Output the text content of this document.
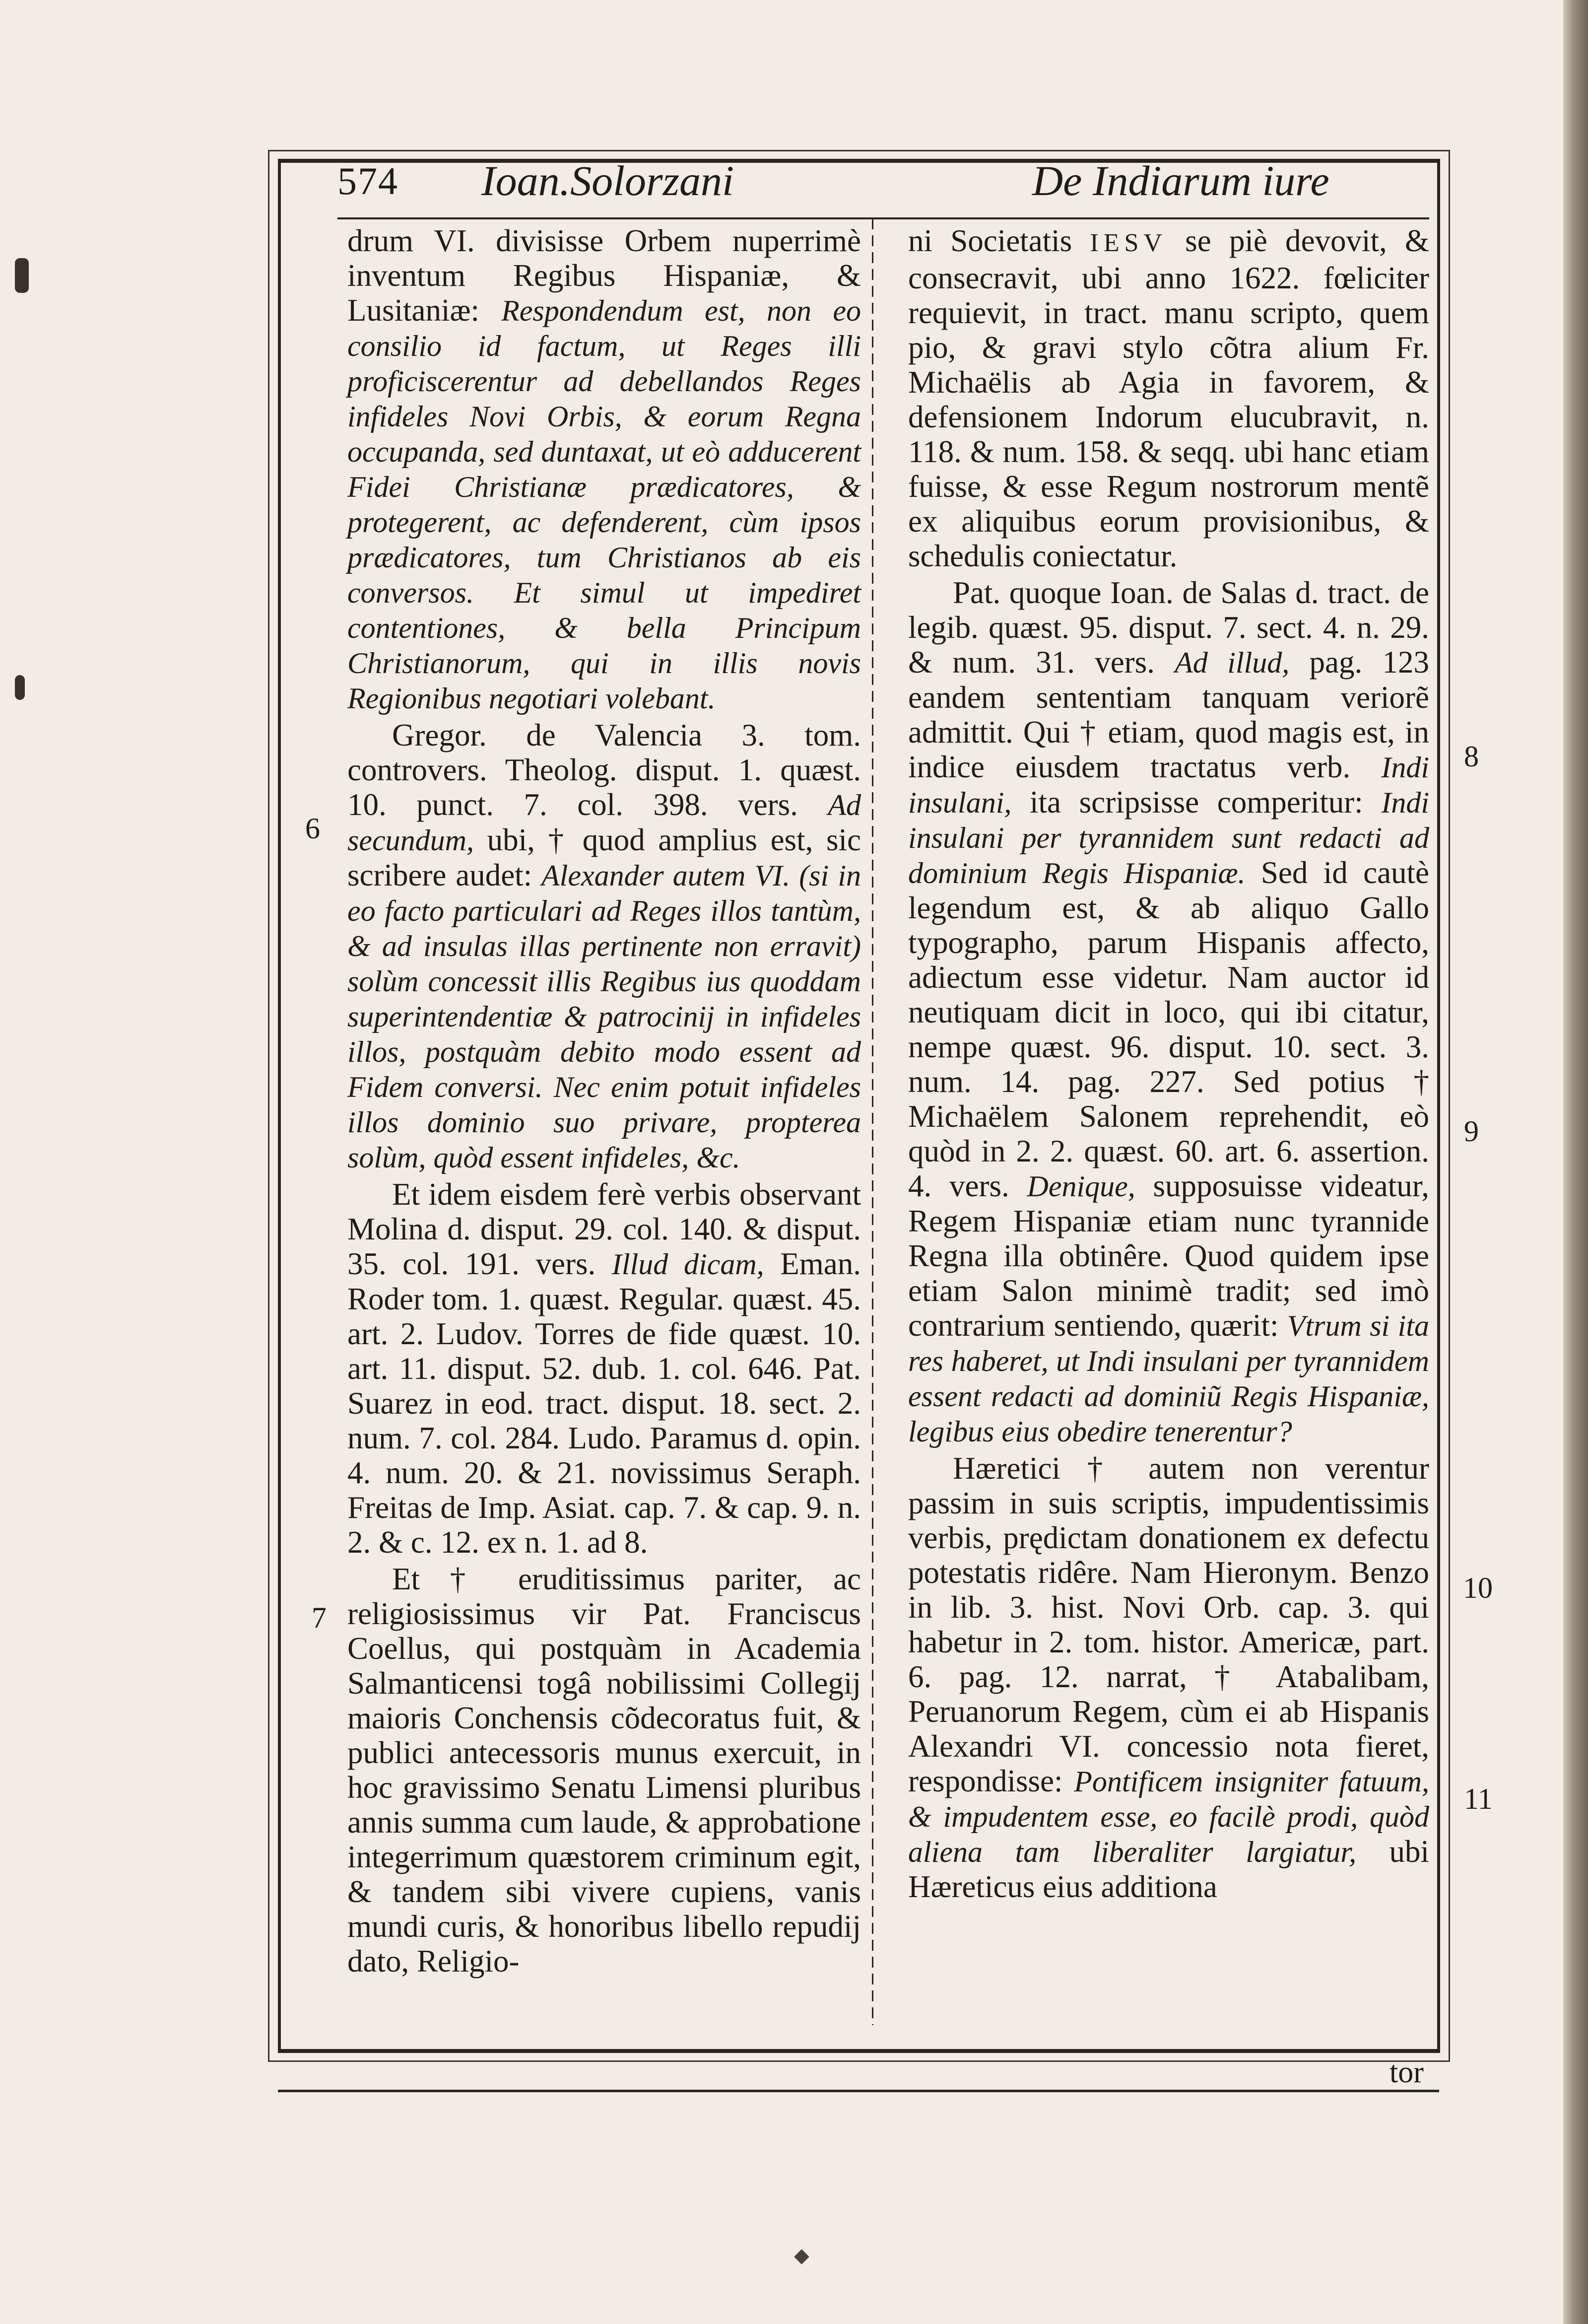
574 Ioan.Solorzani	De Indiarum iure

drum VI. divisisse Orbem nuperrimè inventum Regibus Hispaniæ, & Lusitaniæ: Respondendum est, non eo consilio id factum, ut Reges illi proficiscerentur ad debellandos Reges infideles Novi Orbis, & eorum Regna occupanda, sed duntaxat, ut eò adducerent Fidei Christianæ prædicatores, & protegerent, ac defenderent, cùm ipsos prædicatores, tum Christianos ab eis conversos. Et simul ut impediret contentiones, & bella Principum Christianorum, qui in illis novis Regionibus negotiari volebant.

Gregor. de Valencia 3. tom. controvers. Theolog. disput. 1. quæst. 10. punct. 7. col. 398. vers. Ad secundum, ubi, † quod amplius est, sic scribere audet: Alexander autem VI. (si in eo facto particulari ad Reges illos tantùm, & ad insulas illas pertinente non erravit) solùm concessit illis Regibus ius quoddam superintendentiæ & patrocinij in infideles illos, postquàm debito modo essent ad Fidem conversi. Nec enim potuit infideles illos dominio suo privare, propterea solùm, quòd essent infideles, &c.

Et idem eisdem ferè verbis observant Molina d. disput. 29. col. 140. & disput. 35. col. 191. vers. Illud dicam, Eman. Roder tom. 1. quæst. Regular. quæst. 45. art. 2. Ludov. Torres de fide quæst. 10. art. 11. disput. 52. dub. 1. col. 646. Pat. Suarez in eod. tract. disput. 18. sect. 2. num. 7. col. 284. Ludo. Paramus d. opin. 4. num. 20. & 21. novissimus Seraph. Freitas de Imp. Asiat. cap. 7. & cap. 9. n. 2. & c. 12. ex n. 1. ad 8.

Et † eruditissimus pariter, ac religiosissimus vir Pat. Franciscus Coellus, qui postquàm in Academia Salmanticensi togâ nobilissimi Collegij maioris Conchensis cõdecoratus fuit, & publici antecessoris munus exercuit, in hoc gravissimo Senatu Limensi pluribus annis summa cum laude, & approbatione integerrimum quæstorem criminum egit, & tandem sibi vivere cupiens, vanis mundi curis, & honoribus libello repudij dato, Religio-

ni Societatis IESV se piè devovit, & consecravit, ubi anno 1622. fœliciter requievit, in tract. manu scripto, quem pio, & gravi stylo cõtra alium Fr. Michaëlis ab Agia in favorem, & defensionem Indorum elucubravit, n. 118. & num. 158. & seqq. ubi hanc etiam fuisse, & esse Regum nostrorum mentẽ ex aliquibus eorum provisionibus, & schedulis coniectatur.

Pat. quoque Ioan. de Salas d. tract. de legib. quæst. 95. disput. 7. sect. 4. n. 29. & num. 31. vers. Ad illud, pag. 123 eandem sententiam tanquam veriorẽ admittit. Qui † etiam, quod magis est, in indice eiusdem tractatus verb. Indi insulani, ita scripsisse comperitur: Indi insulani per tyrannidem sunt redacti ad dominium Regis Hispaniæ. Sed id cautè legendum est, & ab aliquo Gallo typographo, parum Hispanis affecto, adiectum esse videtur. Nam auctor id neutiquam dicit in loco, qui ibi citatur, nempe quæst. 96. disput. 10. sect. 3. num. 14. pag. 227. Sed potius † Michaëlem Salonem reprehendit, eò quòd in 2. 2. quæst. 60. art. 6. assertion. 4. vers. Denique, supposuisse videatur, Regem Hispaniæ etiam nunc tyrannide Regna illa obtinêre. Quod quidem ipse etiam Salon minimè tradit; sed imò contrarium sentiendo, quærit: Vtrum si ita res haberet, ut Indi insulani per tyrannidem essent redacti ad dominiũ Regis Hispaniæ, legibus eius obedire tenerentur?

Hæretici † autem non verentur passim in suis scriptis, impudentissimis verbis, prędictam donationem ex defectu potestatis ridêre. Nam Hieronym. Benzo in lib. 3. hist. Novi Orb. cap. 3. qui habetur in 2. tom. histor. Americæ, part. 6. pag. 12. narrat, † Atabalibam, Peruanorum Regem, cùm ei ab Hispanis Alexandri VI. concessio nota fieret, respondisse: Pontificem insigniter fatuum, & impudentem esse, eo facilè prodi, quòd aliena tam liberaliter largiatur, ubi Hæreticus eius additiona

6
7
8
9
10
11
tor
◆
